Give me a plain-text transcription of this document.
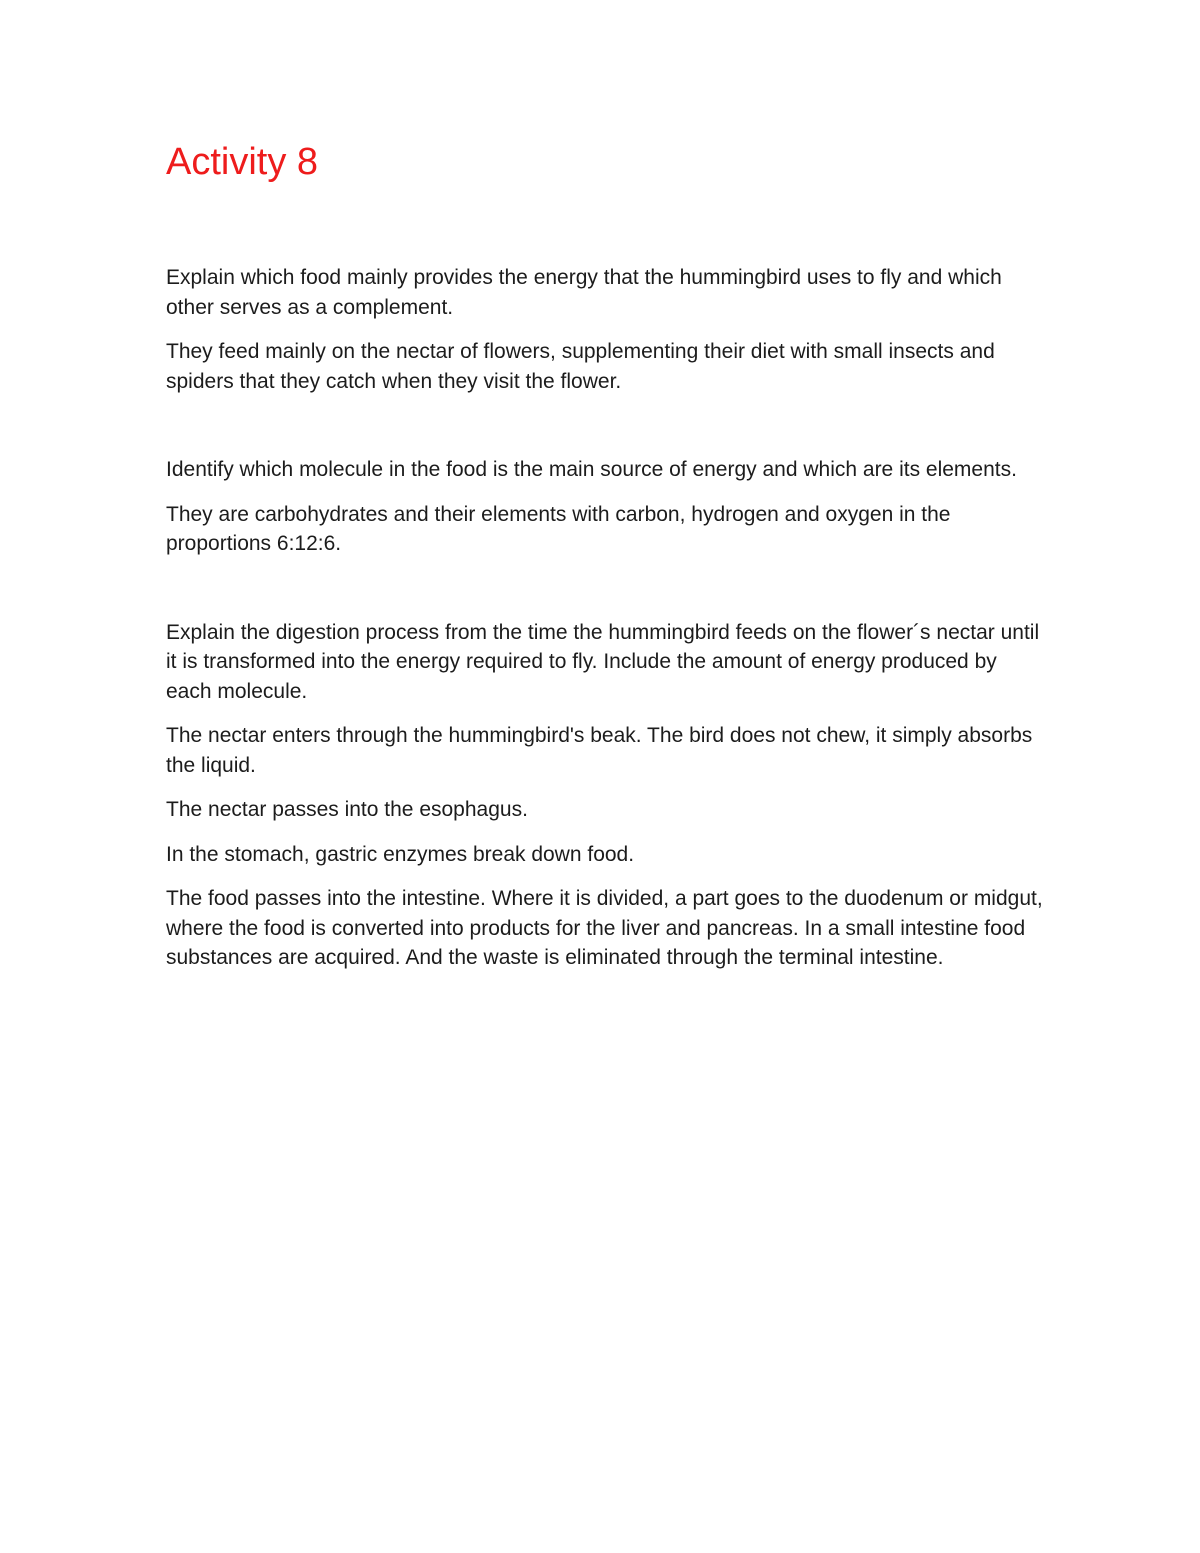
Activity 8

Explain which food mainly provides the energy that the hummingbird uses to fly and which other serves as a complement.

They feed mainly on the nectar of flowers, supplementing their diet with small insects and spiders that they catch when they visit the flower.

Identify which molecule in the food is the main source of energy and which are its elements.

They are carbohydrates and their elements with carbon, hydrogen and oxygen in the proportions 6:12:6.

Explain the digestion process from the time the hummingbird feeds on the flower´s nectar until it is transformed into the energy required to fly. Include the amount of energy produced by each molecule.

The nectar enters through the hummingbird's beak. The bird does not chew, it simply absorbs the liquid.

The nectar passes into the esophagus.

In the stomach, gastric enzymes break down food.

The food passes into the intestine. Where it is divided, a part goes to the duodenum or midgut, where the food is converted into products for the liver and pancreas. In a small intestine food substances are acquired. And the waste is eliminated through the terminal intestine.
